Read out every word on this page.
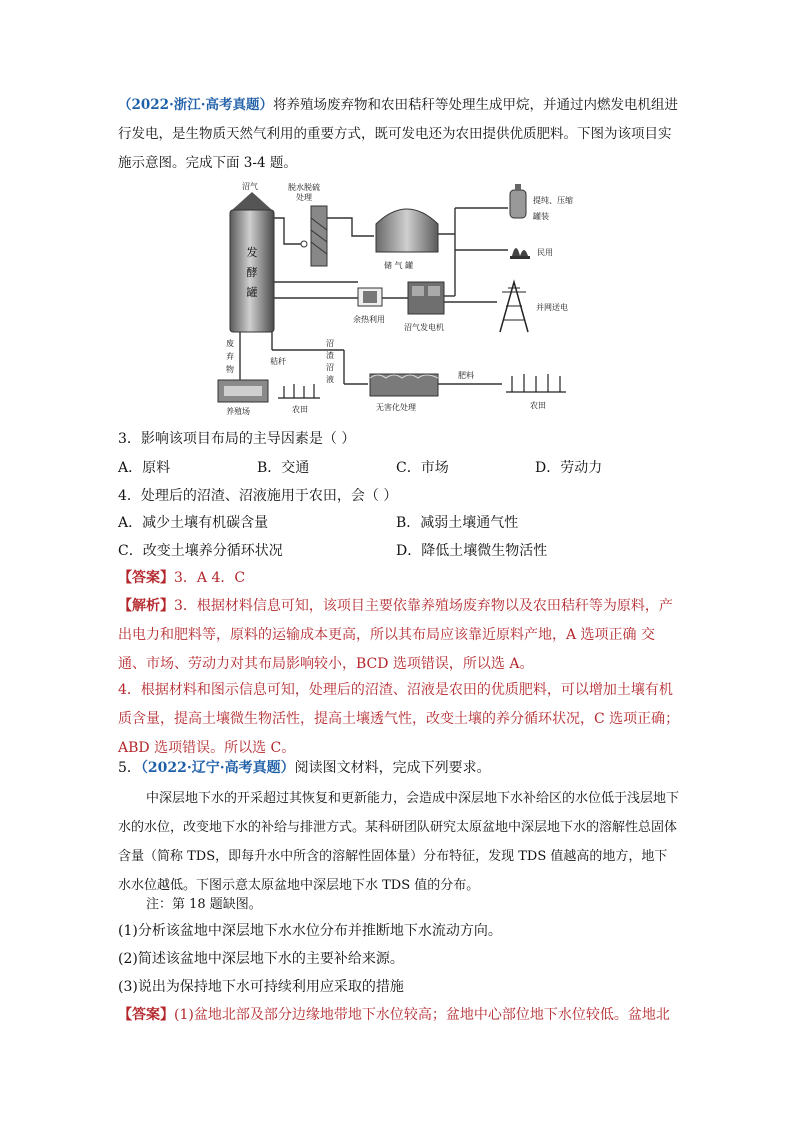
（2022·浙江·高考真题）将养殖场废弃物和农田秸秆等处理生成甲烷，并通过内燃发电机组进行发电，是生物质天然气利用的重要方式，既可发电还为农田提供优质肥料。下图为该项目实施示意图。完成下面 3-4 题。
发
酵
罐
沼气	脱水脱硫
处理
储 气 罐
提纯、压缩
罐装
民用
沼气发电机
余热利用
并网送电
废
弃
物
秸秆
沼
渣
沼
液
养殖场	农田	无害化处理
肥料
农田
3．影响该项目布局的主导因素是（ ）
A．原料	B．交通	C．市场	D．劳动力
4．处理后的沼渣、沼液施用于农田，会（ ）
A．减少土壤有机碳含量	B．减弱土壤通气性
C．改变土壤养分循环状况	D．降低土壤微生物活性
【答案】3．A 4．C
【解析】3．根据材料信息可知，该项目主要依靠养殖场废弃物以及农田秸秆等为原料，产出电力和肥料等，原料的运输成本更高，所以其布局应该靠近原料产地，A 选项正确 交通、市场、劳动力对其布局影响较小，BCD 选项错误，所以选 A。
4．根据材料和图示信息可知，处理后的沼渣、沼液是农田的优质肥料，可以增加土壤有机质含量，提高土壤微生物活性，提高土壤透气性，改变土壤的养分循环状况，C 选项正确；ABD 选项错误。所以选 C。
5．（2022·辽宁·高考真题）阅读图文材料，完成下列要求。
中深层地下水的开采超过其恢复和更新能力，会造成中深层地下水补给区的水位低于浅层地下水的水位，改变地下水的补给与排泄方式。某科研团队研究太原盆地中深层地下水的溶解性总固体含量（简称 TDS，即每升水中所含的溶解性固体量）分布特征，发现 TDS 值越高的地方，地下水水位越低。下图示意太原盆地中深层地下水 TDS 值的分布。
注：第 18 题缺图。
(1)分析该盆地中深层地下水水位分布并推断地下水流动方向。
(2)简述该盆地中深层地下水的主要补给来源。
(3)说出为保持地下水可持续利用应采取的措施
【答案】(1)盆地北部及部分边缘地带地下水位较高；盆地中心部位地下水位较低。盆地北
